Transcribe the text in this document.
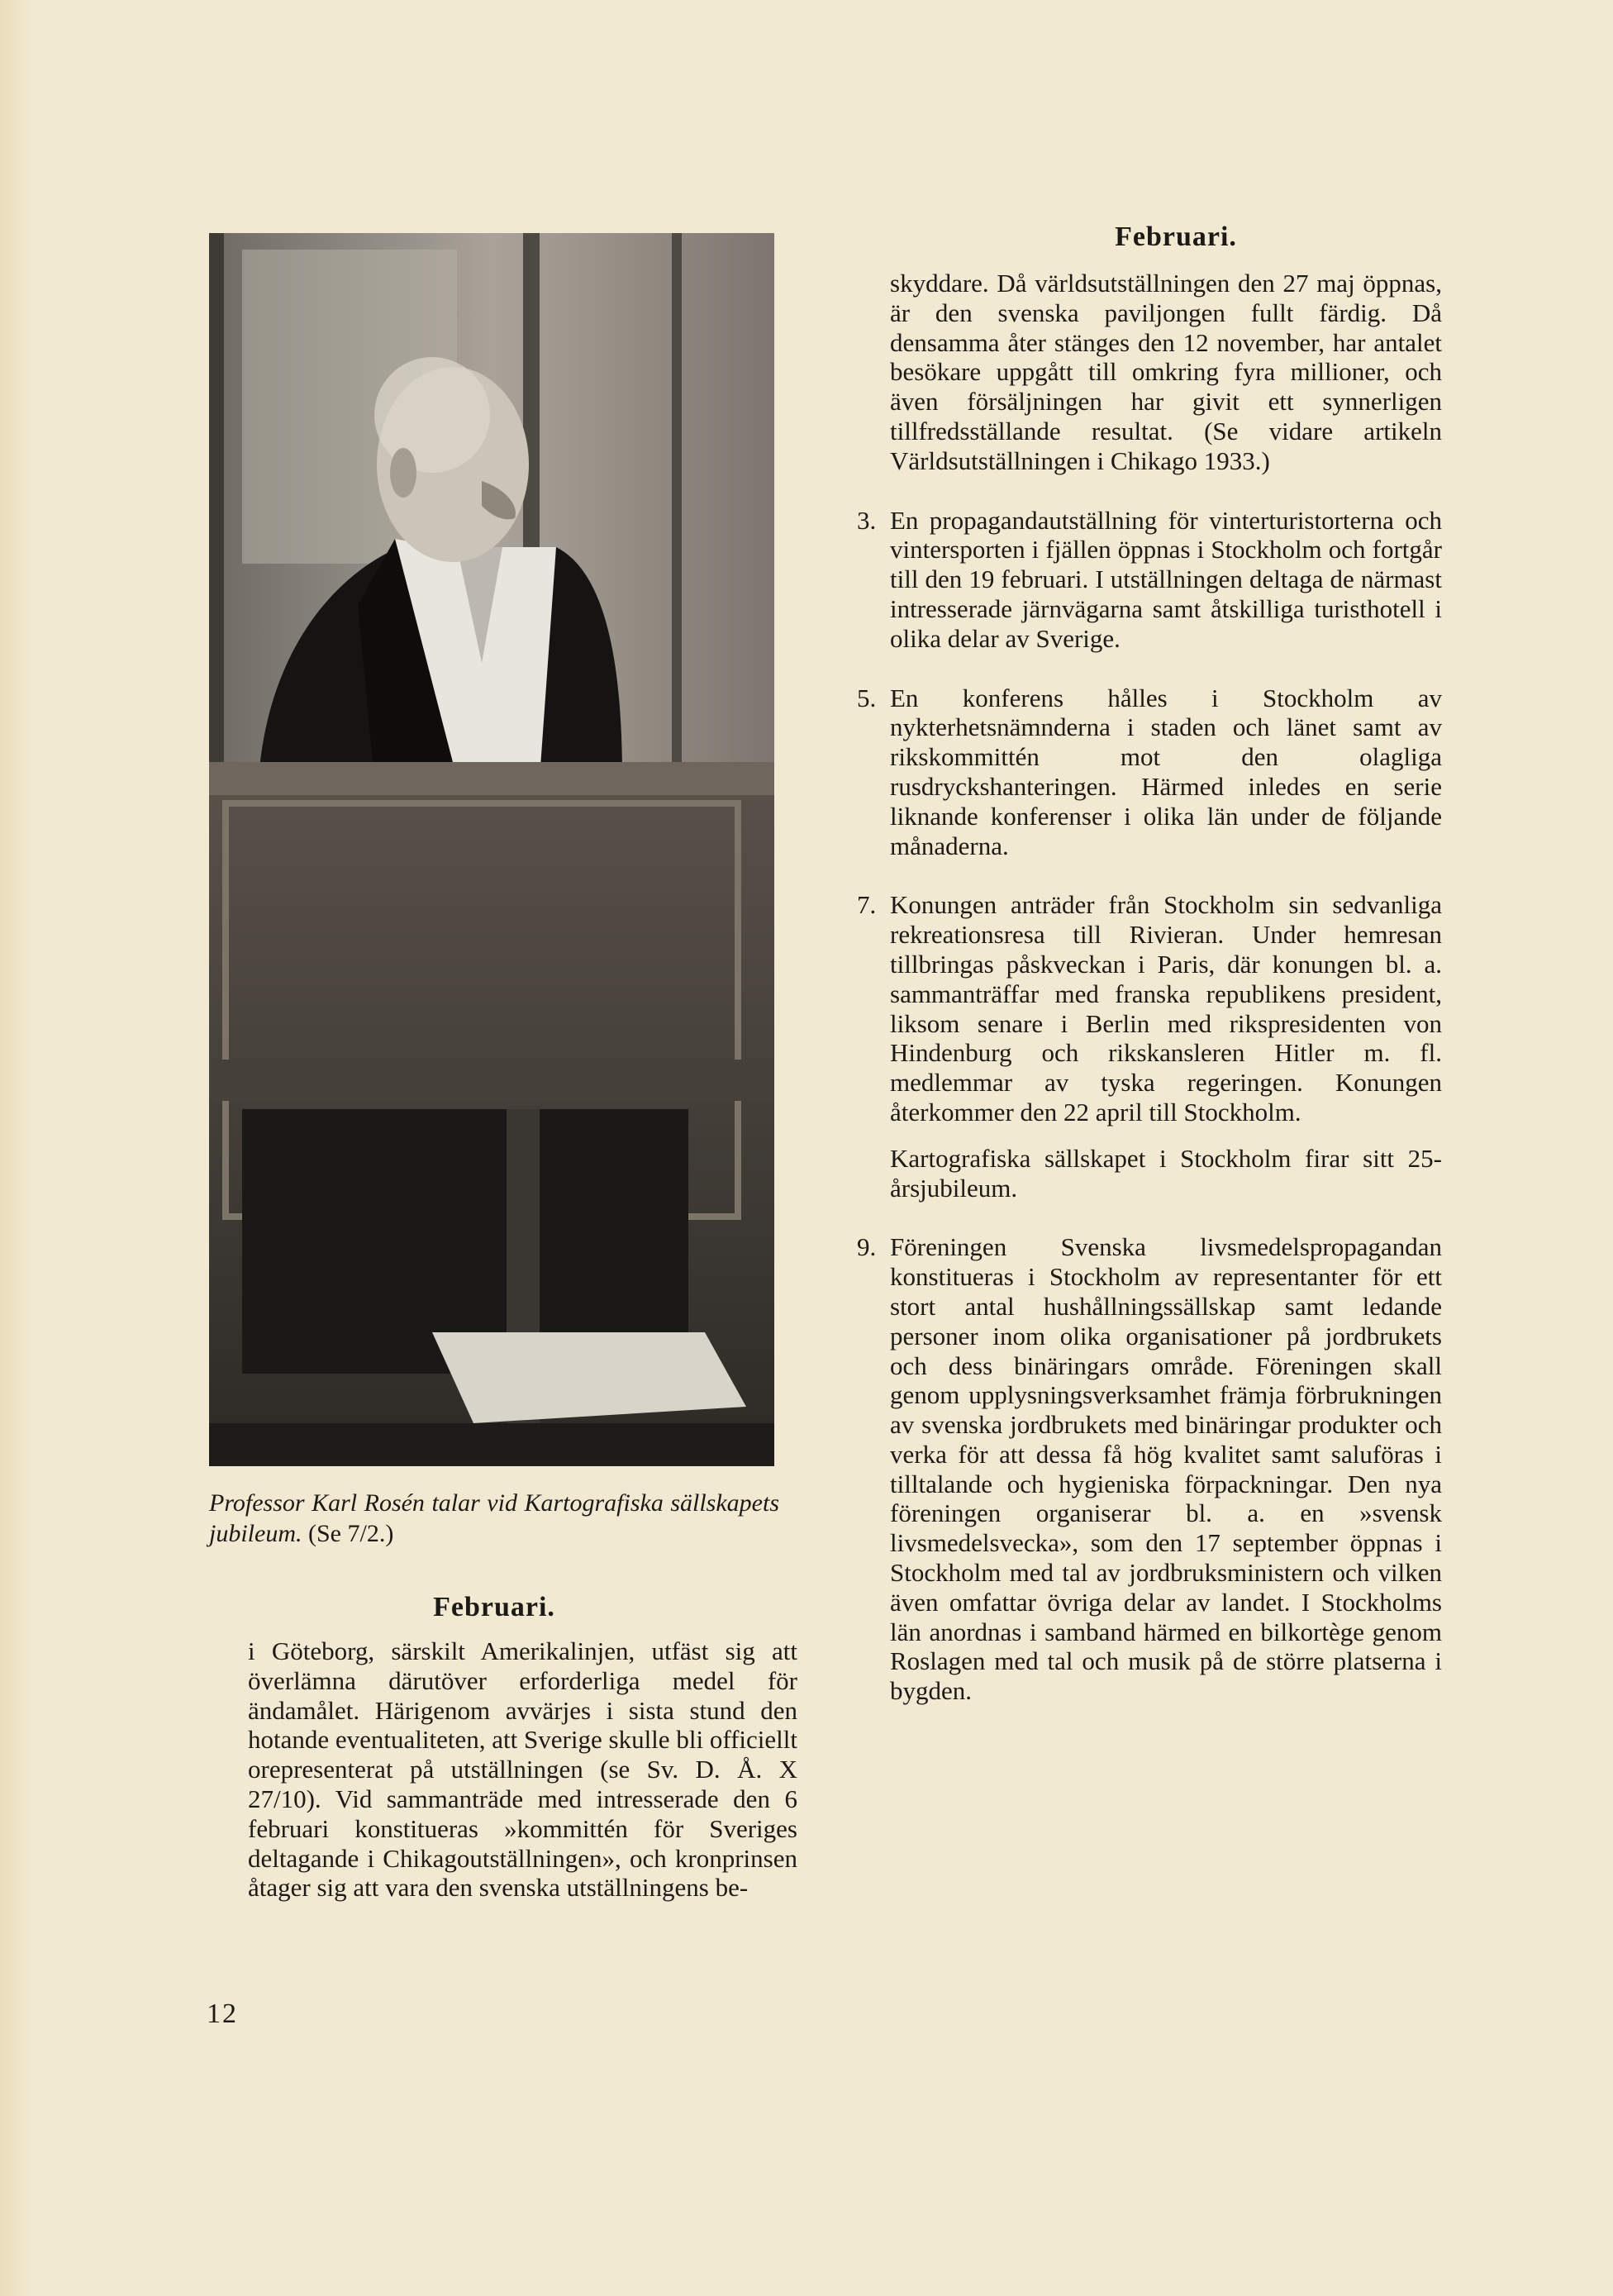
Professor Karl Rosén talar vid Kartografiska sällskapets jubileum. (Se 7/2.)
Februari.

i Göteborg, särskilt Amerikalinjen, utfäst sig att överlämna därutöver erforderliga medel för ändamålet. Härigenom avvärjes i sista stund den hotande eventualiteten, att Sverige skulle bli officiellt orepresenterat på utställningen (se Sv. D. Å. X 27/10). Vid sammanträde med intresserade den 6 februari konstitueras »kommittén för Sveriges deltagande i Chikagoutställningen», och kronprinsen åtager sig att vara den svenska utställningens be-

Februari.

skyddare. Då världsutställningen den 27 maj öppnas, är den svenska paviljongen fullt färdig. Då densamma åter stänges den 12 november, har antalet besökare uppgått till omkring fyra millioner, och även försäljningen har givit ett synnerligen tillfredsställande resultat. (Se vidare artikeln Världsutställningen i Chikago 1933.)

3. En propagandautställning för vinterturistorterna och vintersporten i fjällen öppnas i Stockholm och fortgår till den 19 februari. I utställningen deltaga de närmast intresserade järnvägarna samt åtskilliga turisthotell i olika delar av Sverige.

5. En konferens hålles i Stockholm av nykterhetsnämnderna i staden och länet samt av rikskommittén mot den olagliga rusdryckshanteringen. Härmed inledes en serie liknande konferenser i olika län under de följande månaderna.

7. Konungen anträder från Stockholm sin sedvanliga rekreationsresa till Rivieran. Under hemresan tillbringas påskveckan i Paris, där konungen bl. a. sammanträffar med franska republikens president, liksom senare i Berlin med rikspresidenten von Hindenburg och rikskansleren Hitler m. fl. medlemmar av tyska regeringen. Konungen återkommer den 22 april till Stockholm.

Kartografiska sällskapet i Stockholm firar sitt 25-årsjubileum.

9. Föreningen Svenska livsmedelspropagandan konstitueras i Stockholm av representanter för ett stort antal hushållningssällskap samt ledande personer inom olika organisationer på jordbrukets och dess binäringars område. Föreningen skall genom upplysningsverksamhet främja förbrukningen av svenska jordbrukets med binäringar produkter och verka för att dessa få hög kvalitet samt saluföras i tilltalande och hygieniska förpackningar. Den nya föreningen organiserar bl. a. en »svensk livsmedelsvecka», som den 17 september öppnas i Stockholm med tal av jordbruksministern och vilken även omfattar övriga delar av landet. I Stockholms län anordnas i samband härmed en bilkortège genom Roslagen med tal och musik på de större platserna i bygden.

12
